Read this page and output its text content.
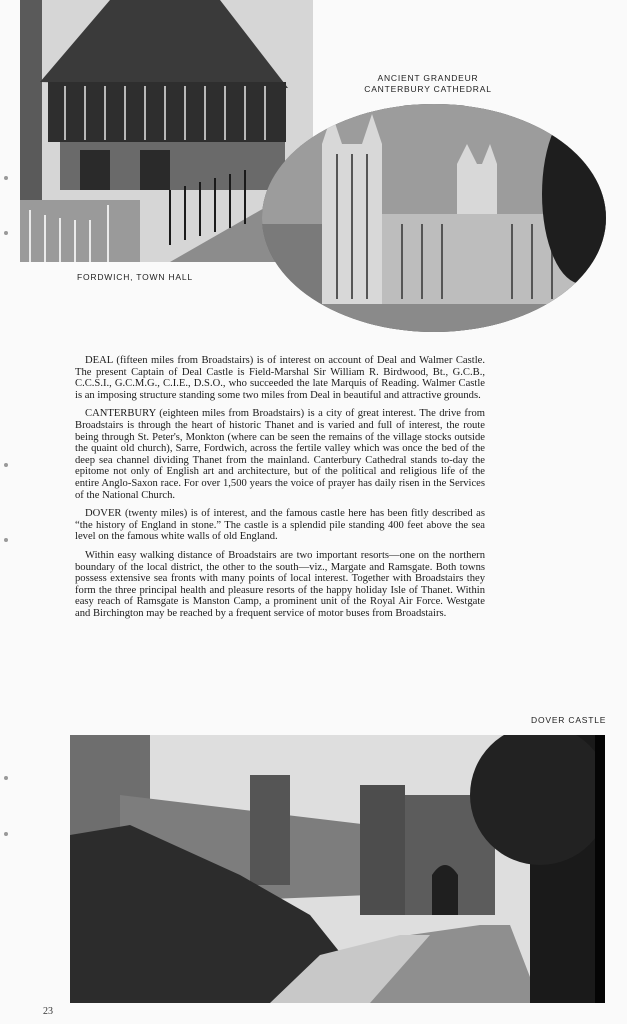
FORDWICH, TOWN HALL
ANCIENT GRANDEUR
CANTERBURY CATHEDRAL

DEAL (fifteen miles from Broadstairs) is of interest on account of Deal and Walmer Castle. The present Captain of Deal Castle is Field-Marshal Sir William R. Birdwood, Bt., G.C.B., C.C.S.I., G.C.M.G., C.I.E., D.S.O., who succeeded the late Marquis of Reading. Walmer Castle is an imposing structure standing some two miles from Deal in beautiful and attractive grounds.

CANTERBURY (eighteen miles from Broadstairs) is a city of great interest. The drive from Broadstairs is through the heart of historic Thanet and is varied and full of interest, the route being through St. Peter's, Monkton (where can be seen the remains of the village stocks outside the quaint old church), Sarre, Fordwich, across the fertile valley which was once the bed of the deep sea channel dividing Thanet from the mainland. Canterbury Cathedral stands to-day the epitome not only of English art and architecture, but of the political and religious life of the entire Anglo-Saxon race. For over 1,500 years the voice of prayer has daily risen in the Services of the National Church.

DOVER (twenty miles) is of interest, and the famous castle here has been fitly described as “the history of England in stone.” The castle is a splendid pile standing 400 feet above the sea level on the famous white walls of old England.

Within easy walking distance of Broadstairs are two important resorts—one on the northern boundary of the local district, the other to the south—viz., Margate and Ramsgate. Both towns possess extensive sea fronts with many points of local interest. Together with Broadstairs they form the three principal health and pleasure resorts of the happy holiday Isle of Thanet. Within easy reach of Ramsgate is Manston Camp, a prominent unit of the Royal Air Force. Westgate and Birchington may be reached by a frequent service of motor buses from Broadstairs.

DOVER CASTLE
23
